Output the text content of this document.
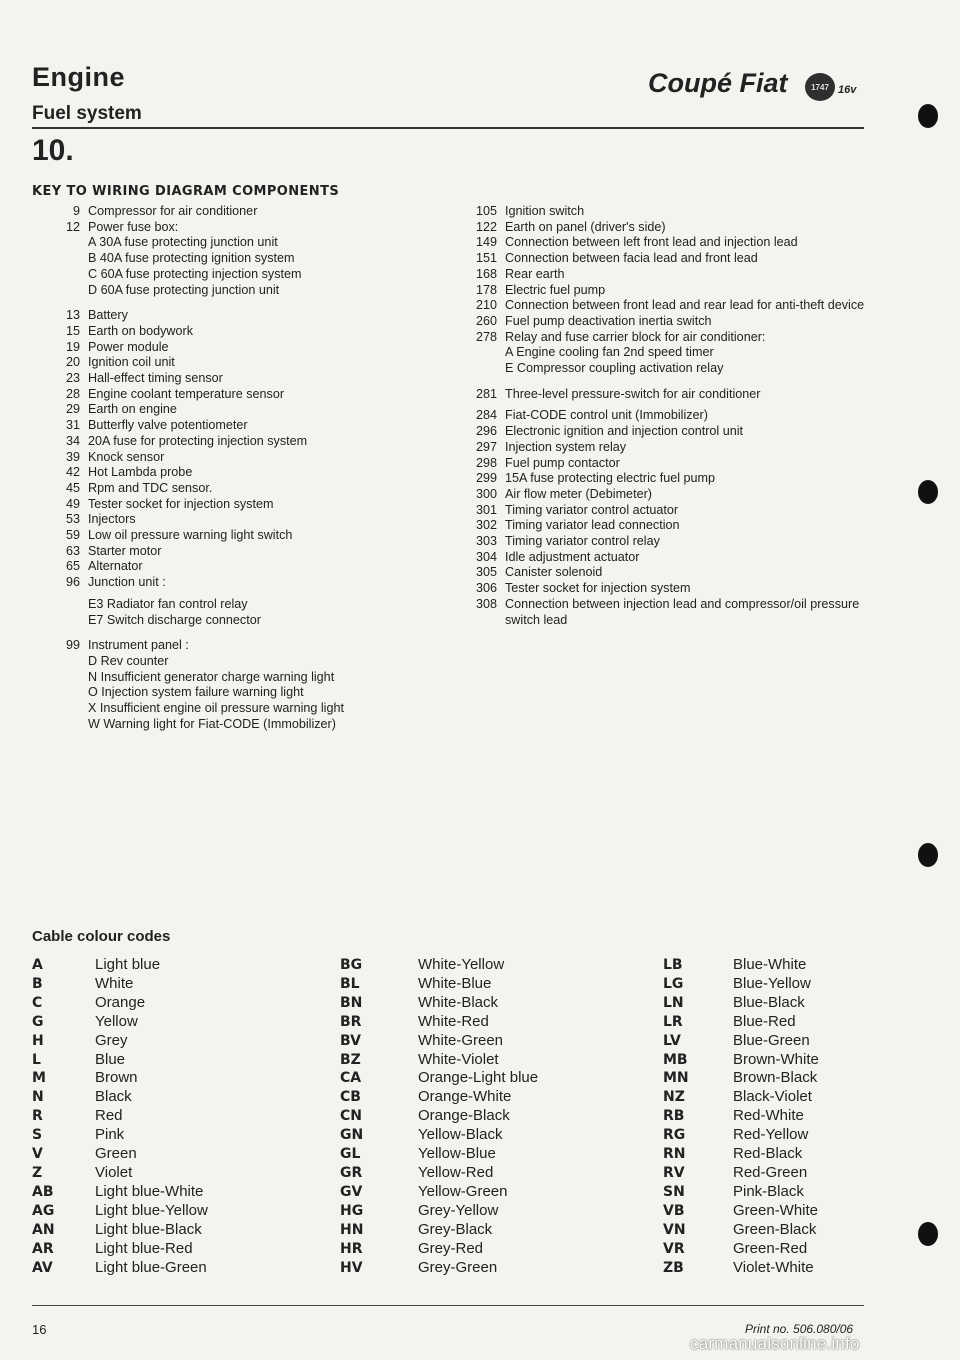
Engine
Fuel system
Coupé Fiat	1747 16v
10.
KEY TO WIRING DIAGRAM COMPONENTS
9 Compressor for air conditioner
12 Power fuse box:
A 30A fuse protecting junction unit
B 40A fuse protecting ignition system
C 60A fuse protecting injection system
D 60A fuse protecting junction unit
13 Battery
15 Earth on bodywork
19 Power module
20 Ignition coil unit
23 Hall-effect timing sensor
28 Engine coolant temperature sensor
29 Earth on engine
31 Butterfly valve potentiometer
34 20A fuse for protecting injection system
39 Knock sensor
42 Hot Lambda probe
45 Rpm and TDC sensor.
49 Tester socket for injection system
53 Injectors
59 Low oil pressure warning light switch
63 Starter motor
65 Alternator
96 Junction unit :
E3 Radiator fan control relay
E7 Switch discharge connector
99 Instrument panel :
D Rev counter
N Insufficient generator charge warning light
O Injection system failure warning light
X Insufficient engine oil pressure warning light
W Warning light for Fiat-CODE (Immobilizer)
105 Ignition switch
122 Earth on panel (driver's side)
149 Connection between left front lead and injection lead
151 Connection between facia lead and front lead
168 Rear earth
178 Electric fuel pump
210 Connection between front lead and rear lead for anti-theft device
260 Fuel pump deactivation inertia switch
278 Relay and fuse carrier block for air conditioner:
A Engine cooling fan 2nd speed timer
E Compressor coupling activation relay
281 Three-level pressure-switch for air conditioner
284 Fiat-CODE control unit (Immobilizer)
296 Electronic ignition and injection control unit
297 Injection system relay
298 Fuel pump contactor
299 15A fuse protecting electric fuel pump
300 Air flow meter (Debimeter)
301 Timing variator control actuator
302 Timing variator lead connection
303 Timing variator control relay
304 Idle adjustment actuator
305 Canister solenoid
306 Tester socket for injection system
308 Connection between injection lead and compressor/oil pressure switch lead
Cable colour codes
A	Light blue
B	White
C	Orange
G	Yellow
H	Grey
L	Blue
M	Brown
N	Black
R	Red
S	Pink
V	Green
Z	Violet
AB	Light blue-White
AG	Light blue-Yellow
AN	Light blue-Black
AR	Light blue-Red
AV	Light blue-Green
BG	White-Yellow
BL	White-Blue
BN	White-Black
BR	White-Red
BV	White-Green
BZ	White-Violet
CA	Orange-Light blue
CB	Orange-White
CN	Orange-Black
GN	Yellow-Black
GL	Yellow-Blue
GR	Yellow-Red
GV	Yellow-Green
HG	Grey-Yellow
HN	Grey-Black
HR	Grey-Red
HV	Grey-Green
LB	Blue-White
LG	Blue-Yellow
LN	Blue-Black
LR	Blue-Red
LV	Blue-Green
MB	Brown-White
MN	Brown-Black
NZ	Black-Violet
RB	Red-White
RG	Red-Yellow
RN	Red-Black
RV	Red-Green
SN	Pink-Black
VB	Green-White
VN	Green-Black
VR	Green-Red
ZB	Violet-White
16	Print no. 506.080/06
carmanualsonline.info
